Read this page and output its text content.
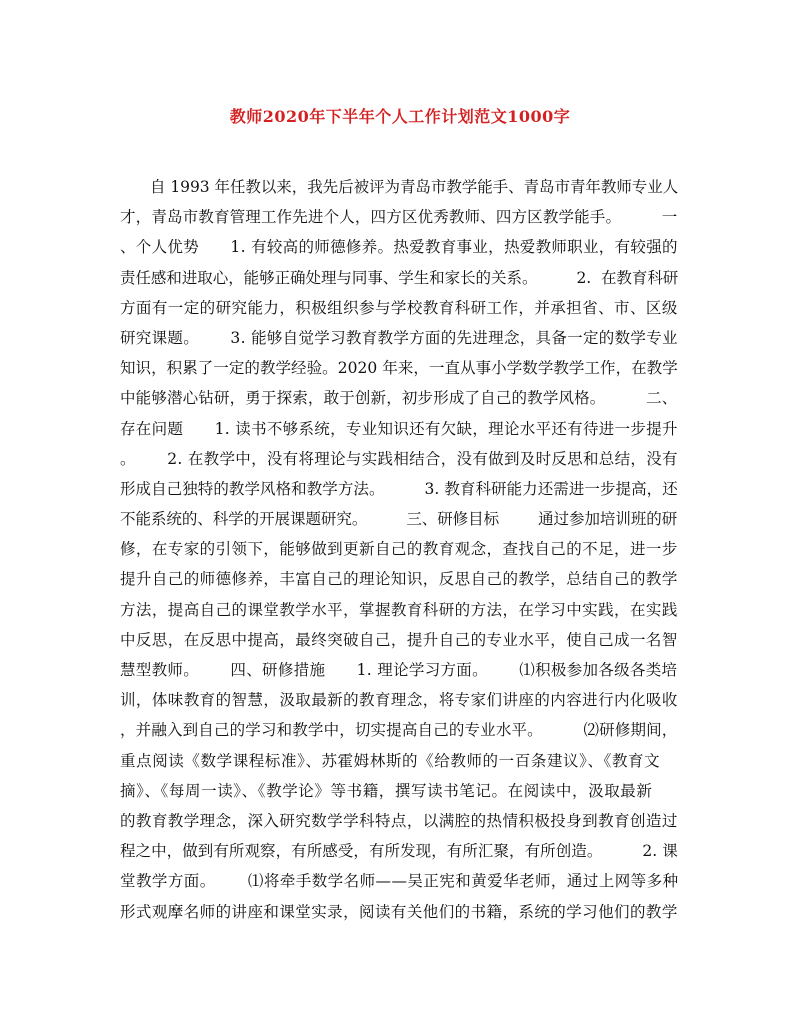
教师2020年下半年个人工作计划范文1000字
自 1993 年任教以来，我先后被评为青岛市教学能手、青岛市青年教师专业人
才，青岛市教育管理工作先进个人，四方区优秀教师、四方区教学能手。        一
、个人优势      1. 有较高的师德修养。热爱教育事业，热爱教师职业，有较强的
责任感和进取心，能够正确处理与同事、学生和家长的关系。        2.  在教育科研
方面有一定的研究能力，积极组织参与学校教育科研工作，并承担省、市、区级
研究课题。      3. 能够自觉学习教育教学方面的先进理念，具备一定的数学专业
知识，积累了一定的教学经验。2020 年来，一直从事小学数学教学工作，在教学
中能够潜心钻研，勇于探索，敢于创新，初步形成了自己的教学风格。        二、
存在问题      1. 读书不够系统，专业知识还有欠缺，理论水平还有待进一步提升
。      2. 在教学中，没有将理论与实践相结合，没有做到及时反思和总结，没有
形成自己独特的教学风格和教学方法。        3. 教育科研能力还需进一步提高，还
不能系统的、科学的开展课题研究。        三、研修目标        通过参加培训班的研
修，在专家的引领下，能够做到更新自己的教育观念，查找自己的不足，进一步
提升自己的师德修养，丰富自己的理论知识，反思自己的教学，总结自己的教学
方法，提高自己的课堂教学水平，掌握教育科研的方法，在学习中实践，在实践
中反思，在反思中提高，最终突破自己，提升自己的专业水平，使自己成一名智
慧型教师。      四、研修措施      1. 理论学习方面。      ⑴积极参加各级各类培
训，体味教育的智慧，汲取最新的教育理念，将专家们讲座的内容进行内化吸收
，并融入到自己的学习和教学中，切实提高自己的专业水平。        ⑵研修期间，
重点阅读《数学课程标准》、苏霍姆林斯的《给教师的一百条建议》、《教育文
摘》、《每周一读》、《教学论》等书籍，撰写读书笔记。在阅读中，汲取最新
的教育教学理念，深入研究数学学科特点，以满腔的热情积极投身到教育创造过
程之中，做到有所观察，有所感受，有所发现，有所汇聚，有所创造。        2. 课
堂教学方面。      ⑴将牵手数学名师——吴正宪和黄爱华老师，通过上网等多种
形式观摩名师的讲座和课堂实录，阅读有关他们的书籍，系统的学习他们的教学
